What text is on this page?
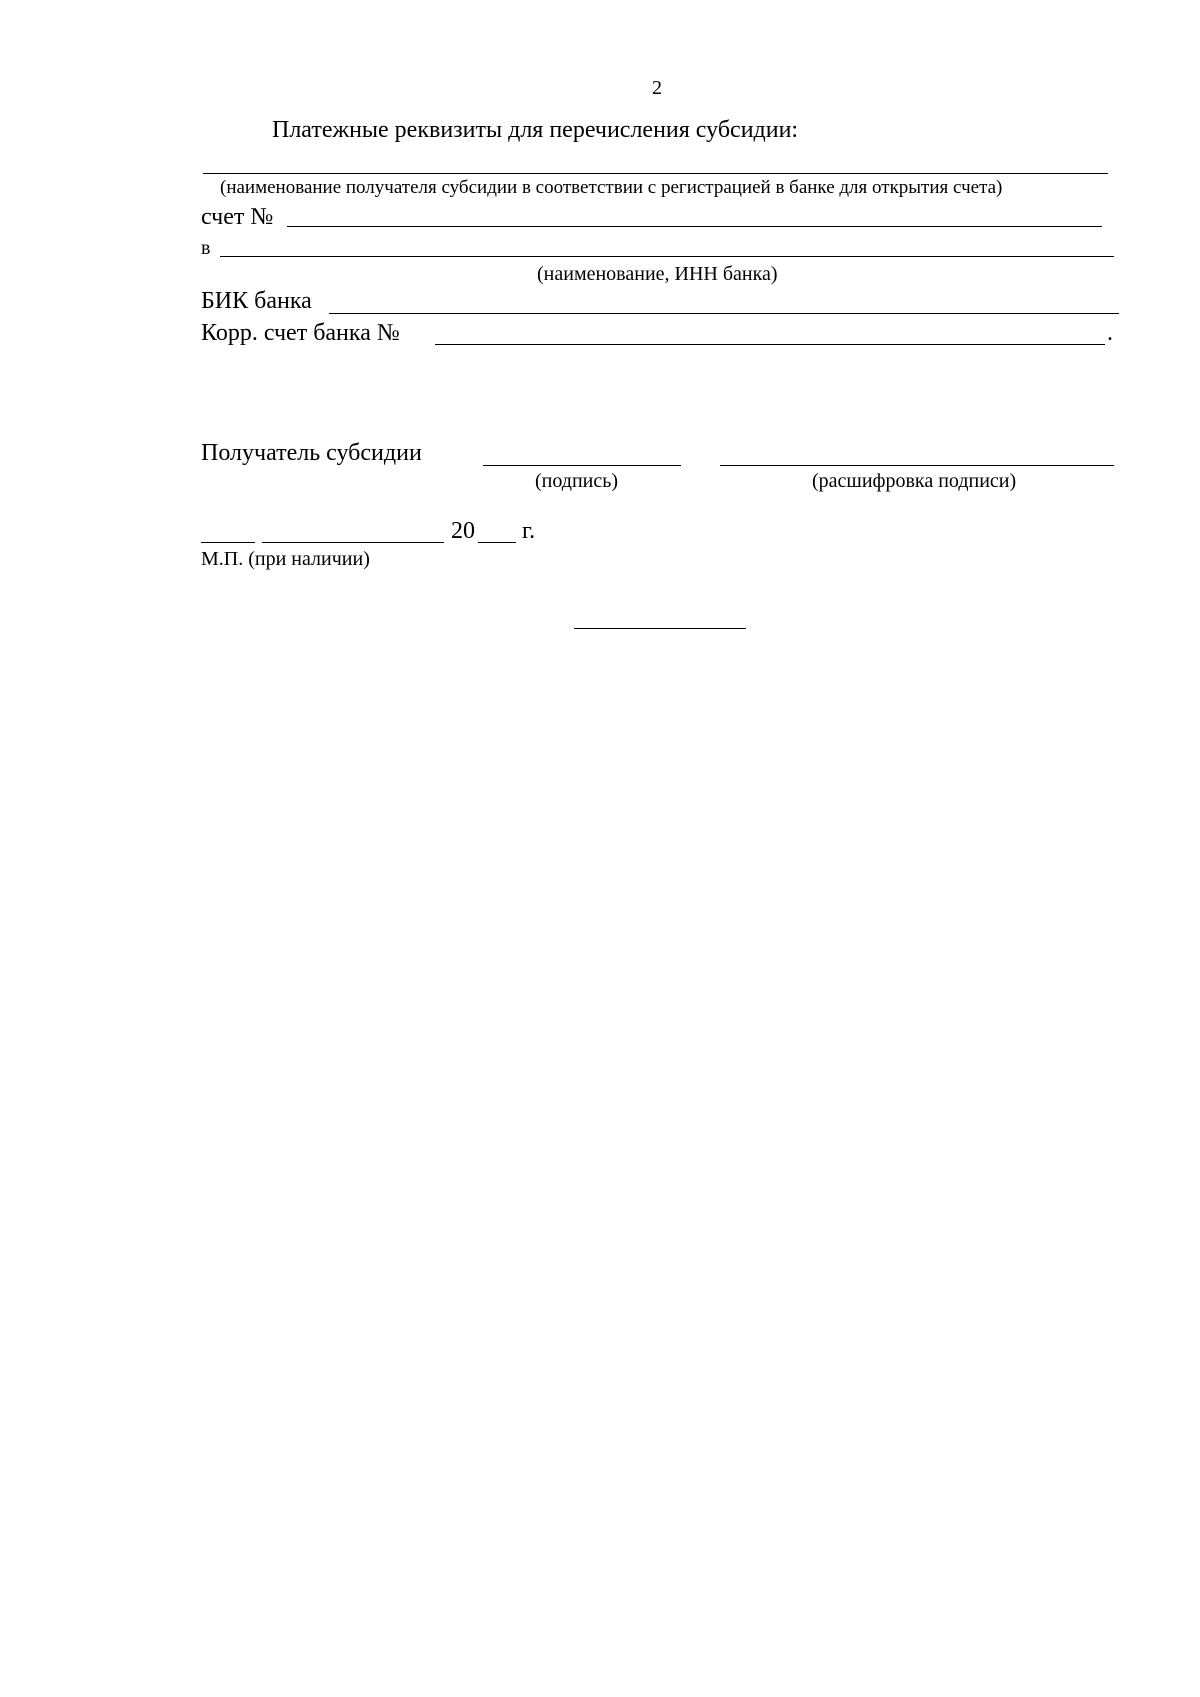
2
Платежные реквизиты для перечисления субсидии:
(наименование получателя субсидии в соответствии с регистрацией в банке для открытия счета)
счет №
в
(наименование, ИНН банка)
БИК банка
Корр. счет банка №	.
Получатель субсидии
(подпись)	(расшифровка подписи)
20 г.
М.П. (при наличии)
